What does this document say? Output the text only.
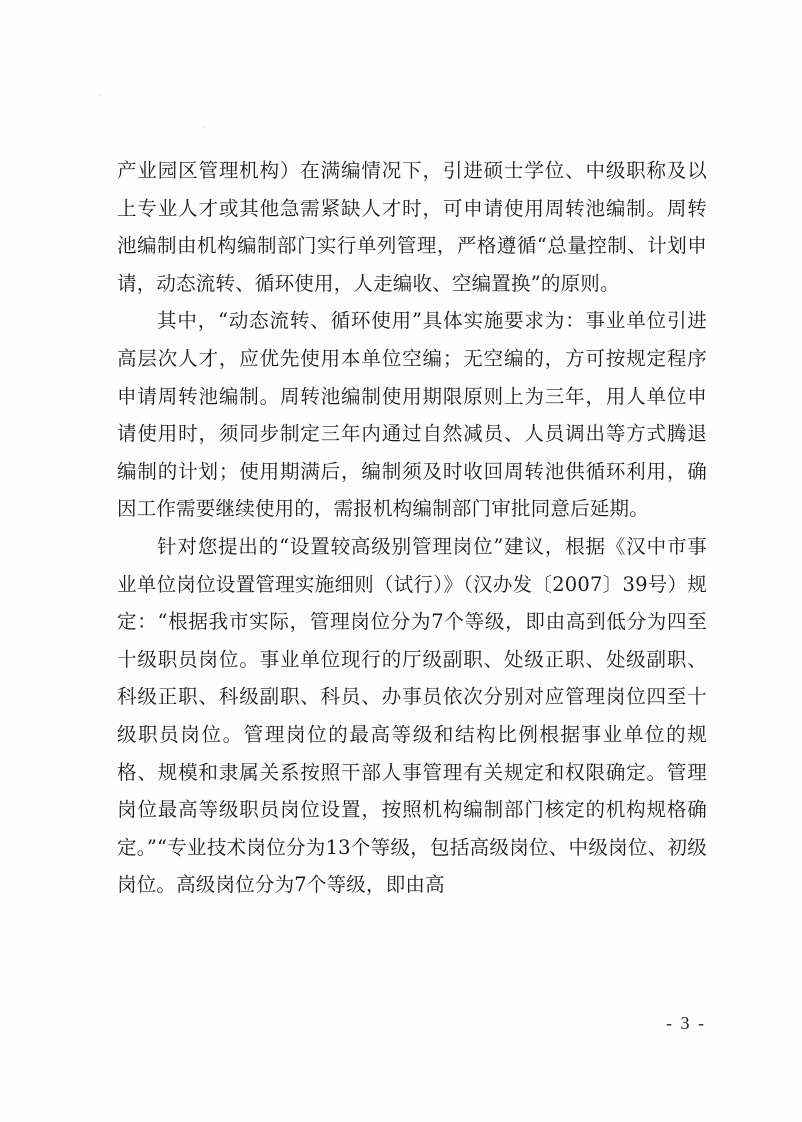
产业园区管理机构）在满编情况下，引进硕士学位、中级职称及以上专业人才或其他急需紧缺人才时，可申请使用周转池编制。周转池编制由机构编制部门实行单列管理，严格遵循“总量控制、计划申请，动态流转、循环使用，人走编收、空编置换”的原则。

其中，“动态流转、循环使用”具体实施要求为：事业单位引进高层次人才，应优先使用本单位空编；无空编的，方可按规定程序申请周转池编制。周转池编制使用期限原则上为三年，用人单位申请使用时，须同步制定三年内通过自然减员、人员调出等方式腾退编制的计划；使用期满后，编制须及时收回周转池供循环利用，确因工作需要继续使用的，需报机构编制部门审批同意后延期。

针对您提出的“设置较高级别管理岗位”建议，根据《汉中市事业单位岗位设置管理实施细则（试行）》（汉办发〔2007〕39号）规定：“根据我市实际，管理岗位分为7个等级，即由高到低分为四至十级职员岗位。事业单位现行的厅级副职、处级正职、处级副职、科级正职、科级副职、科员、办事员依次分别对应管理岗位四至十级职员岗位。管理岗位的最高等级和结构比例根据事业单位的规格、规模和隶属关系按照干部人事管理有关规定和权限确定。管理岗位最高等级职员岗位设置，按照机构编制部门核定的机构规格确定。”“专业技术岗位分为13个等级，包括高级岗位、中级岗位、初级岗位。高级岗位分为7个等级，即由高

- 3 -
